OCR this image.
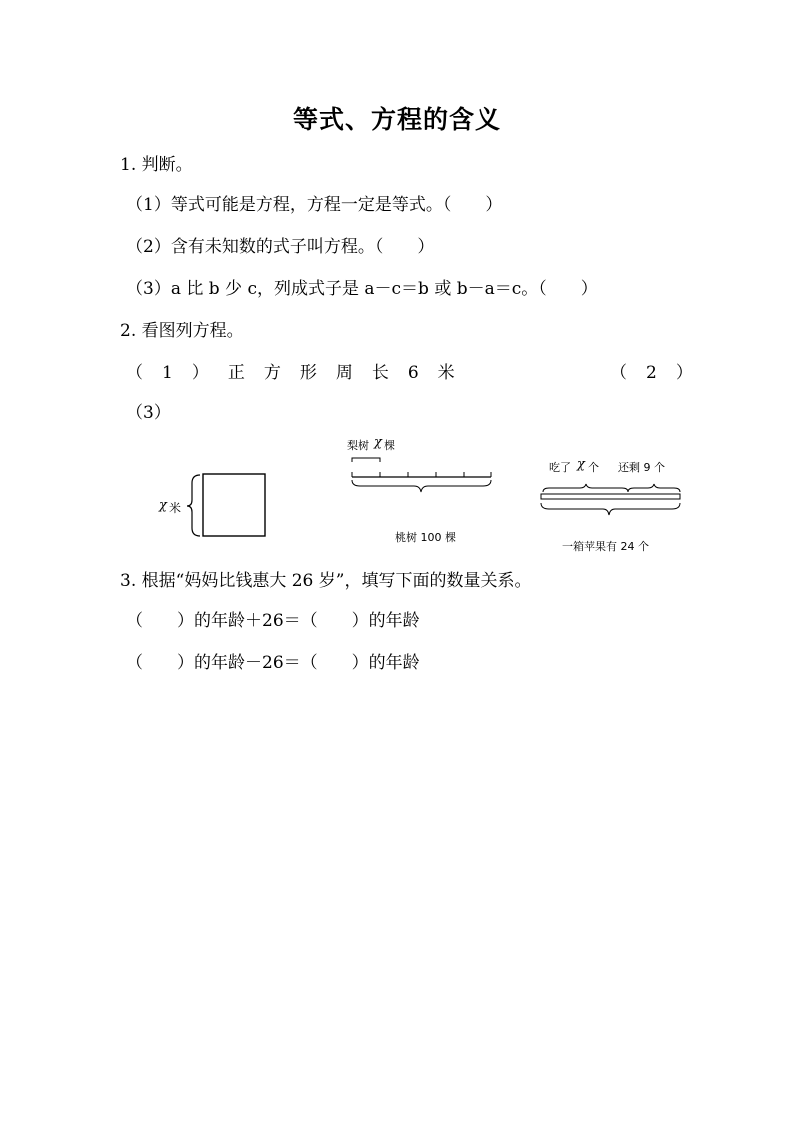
等式、方程的含义
1. 判断。
（1）等式可能是方程，方程一定是等式。（　　）
（2）含有未知数的式子叫方程。（　　）
（3）a 比 b 少 c，列成式子是 a－c＝b 或 b－a＝c。（　　）
2. 看图列方程。
（1）正方形周长6米	（2）
（3）
χ 米
梨树 χ 棵
桃树 100 棵
吃了 χ 个 还剩 9 个
一箱苹果有 24 个
3. 根据“妈妈比钱惠大 26 岁”，填写下面的数量关系。
（　　）的年龄＋26＝（　　）的年龄
（　　）的年龄－26＝（　　）的年龄
